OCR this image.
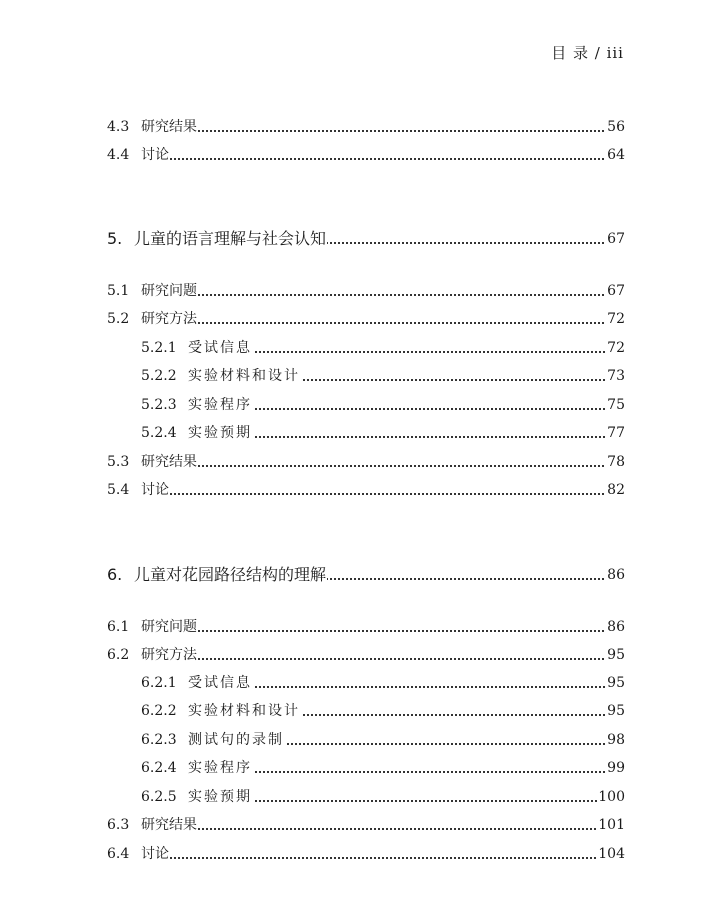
目 录 / iii
4.3 研究结果	56
4.4 讨论	64
5. 儿童的语言理解与社会认知	67
5.1 研究问题	67
5.2 研究方法	72
5.2.1 受试信息	72
5.2.2 实验材料和设计	73
5.2.3 实验程序	75
5.2.4 实验预期	77
5.3 研究结果	78
5.4 讨论	82
6. 儿童对花园路径结构的理解	86
6.1 研究问题	86
6.2 研究方法	95
6.2.1 受试信息	95
6.2.2 实验材料和设计	95
6.2.3 测试句的录制	98
6.2.4 实验程序	99
6.2.5 实验预期	100
6.3 研究结果	101
6.4 讨论	104
